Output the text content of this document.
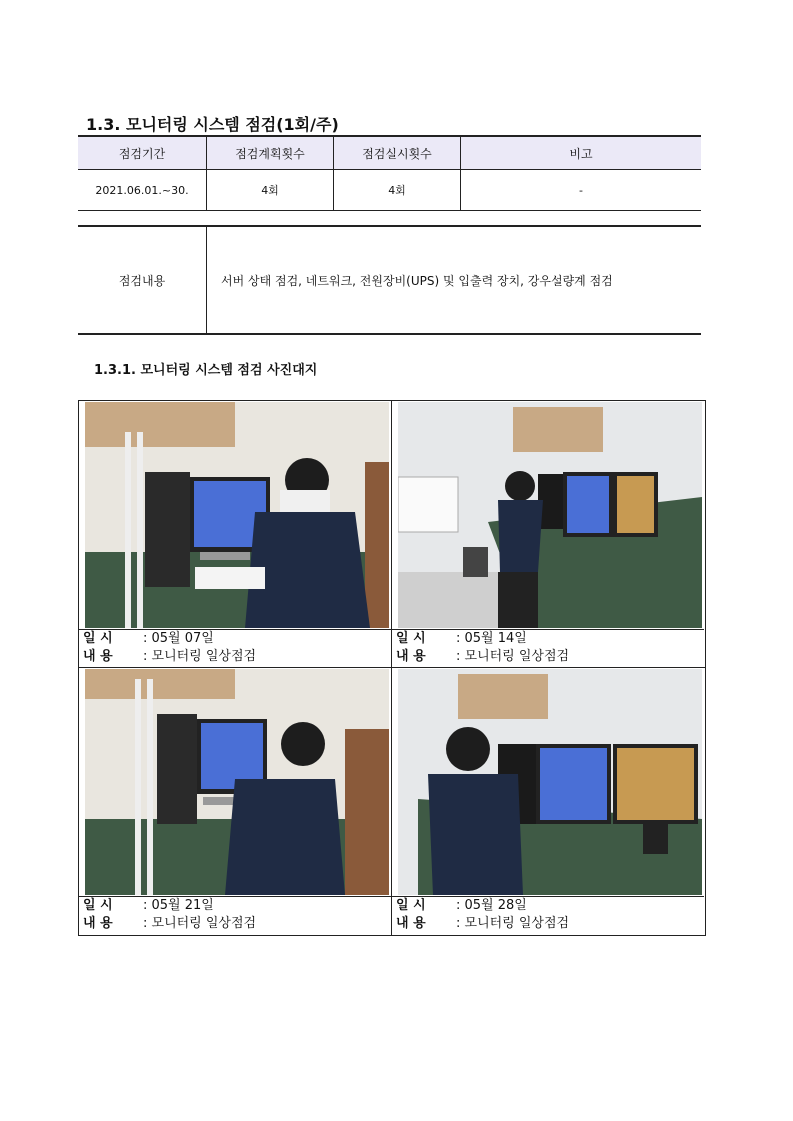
1.3. 모니터링 시스템 점검(1회/주)
점검기간	점검계획횟수	점검실시횟수	비고
2021.06.01.~30.	4회	4회	-
점검내용	서버 상태 점검, 네트워크, 전원장비(UPS) 및 입출력 장치, 강우설량계 점검
1.3.1. 모니터링 시스템 점검 사진대지
일 시 : 05월 07일
내 용 : 모니터링 일상점검
일 시 : 05월 14일
내 용 : 모니터링 일상점검
일 시 : 05월 21일
내 용 : 모니터링 일상점검
일 시 : 05월 28일
내 용 : 모니터링 일상점검
